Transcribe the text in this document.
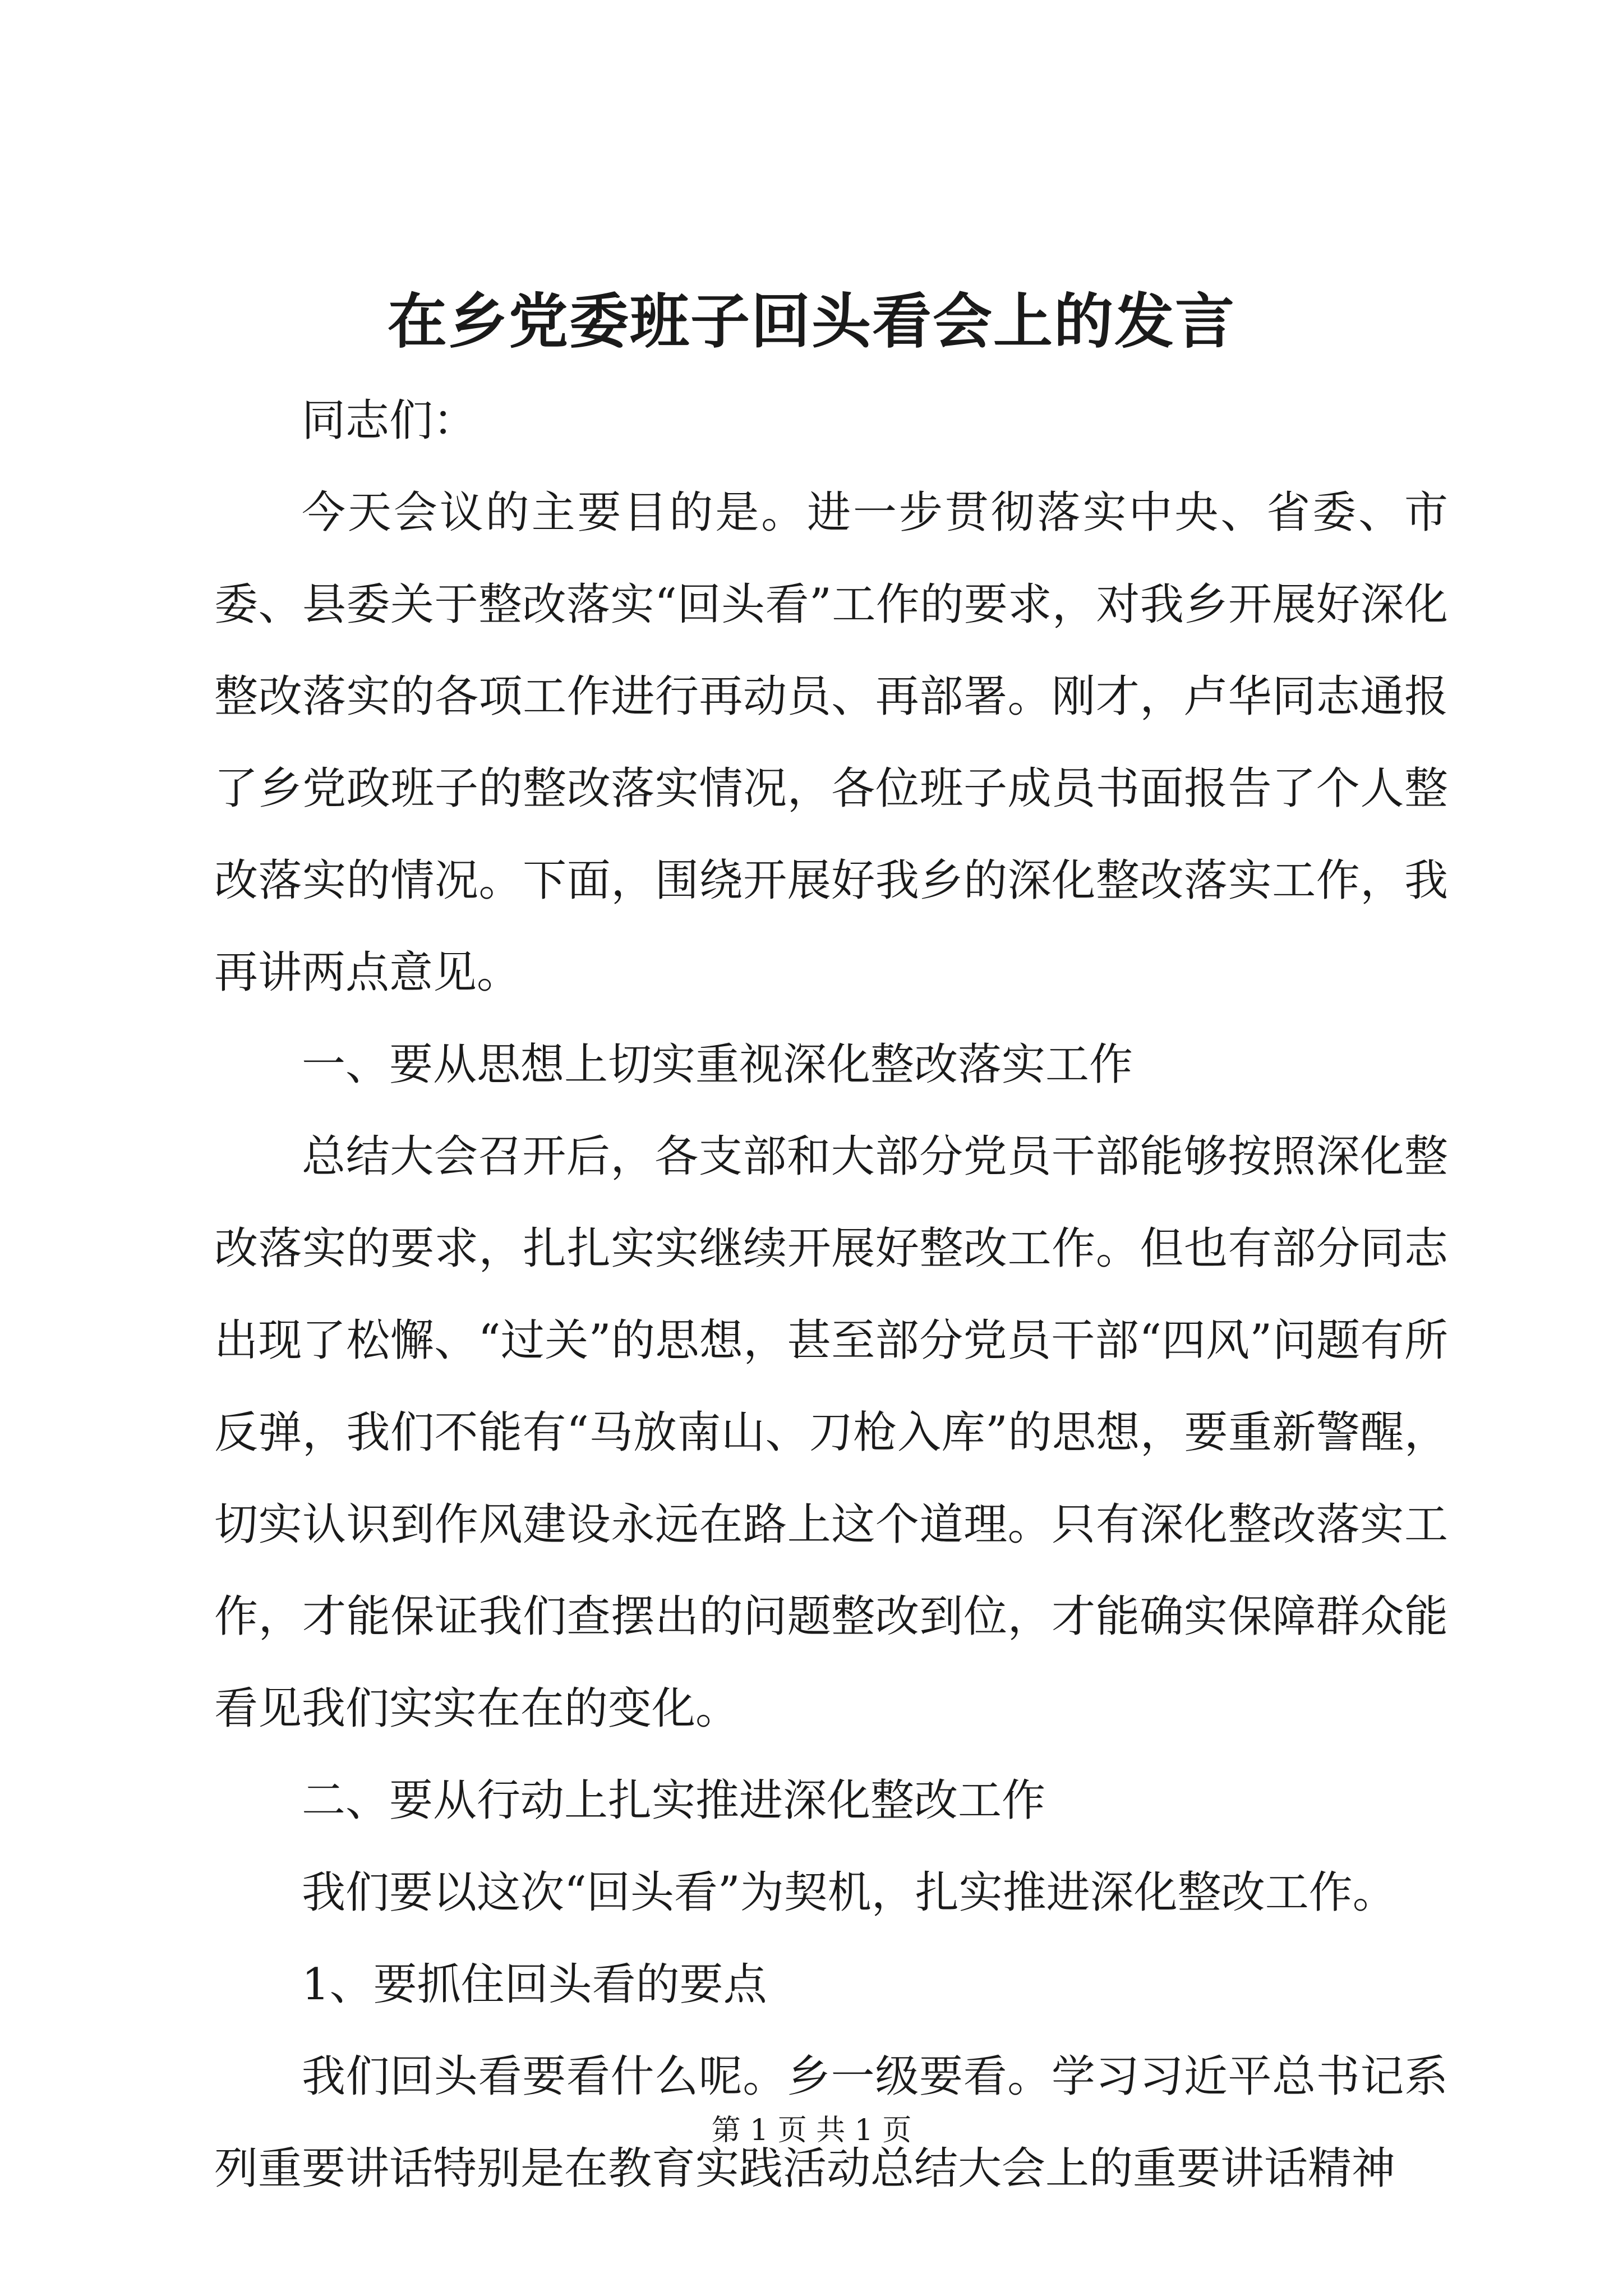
在乡党委班子回头看会上的发言

同志们：

今天会议的主要目的是。进一步贯彻落实中央、省委、市委、县委关于整改落实“回头看”工作的要求，对我乡开展好深化整改落实的各项工作进行再动员、再部署。刚才，卢华同志通报了乡党政班子的整改落实情况，各位班子成员书面报告了个人整改落实的情况。下面，围绕开展好我乡的深化整改落实工作，我再讲两点意见。

一、要从思想上切实重视深化整改落实工作

总结大会召开后，各支部和大部分党员干部能够按照深化整改落实的要求，扎扎实实继续开展好整改工作。但也有部分同志出现了松懈、“过关”的思想，甚至部分党员干部“四风”问题有所反弹，我们不能有“马放南山、刀枪入库”的思想，要重新警醒，切实认识到作风建设永远在路上这个道理。只有深化整改落实工作，才能保证我们查摆出的问题整改到位，才能确实保障群众能看见我们实实在在的变化。

二、要从行动上扎实推进深化整改工作

我们要以这次“回头看”为契机，扎实推进深化整改工作。

1、要抓住回头看的要点

我们回头看要看什么呢。乡一级要看。学习习近平总书记系列重要讲话特别是在教育实践活动总结大会上的重要讲话精神

第 1 页 共 1 页
